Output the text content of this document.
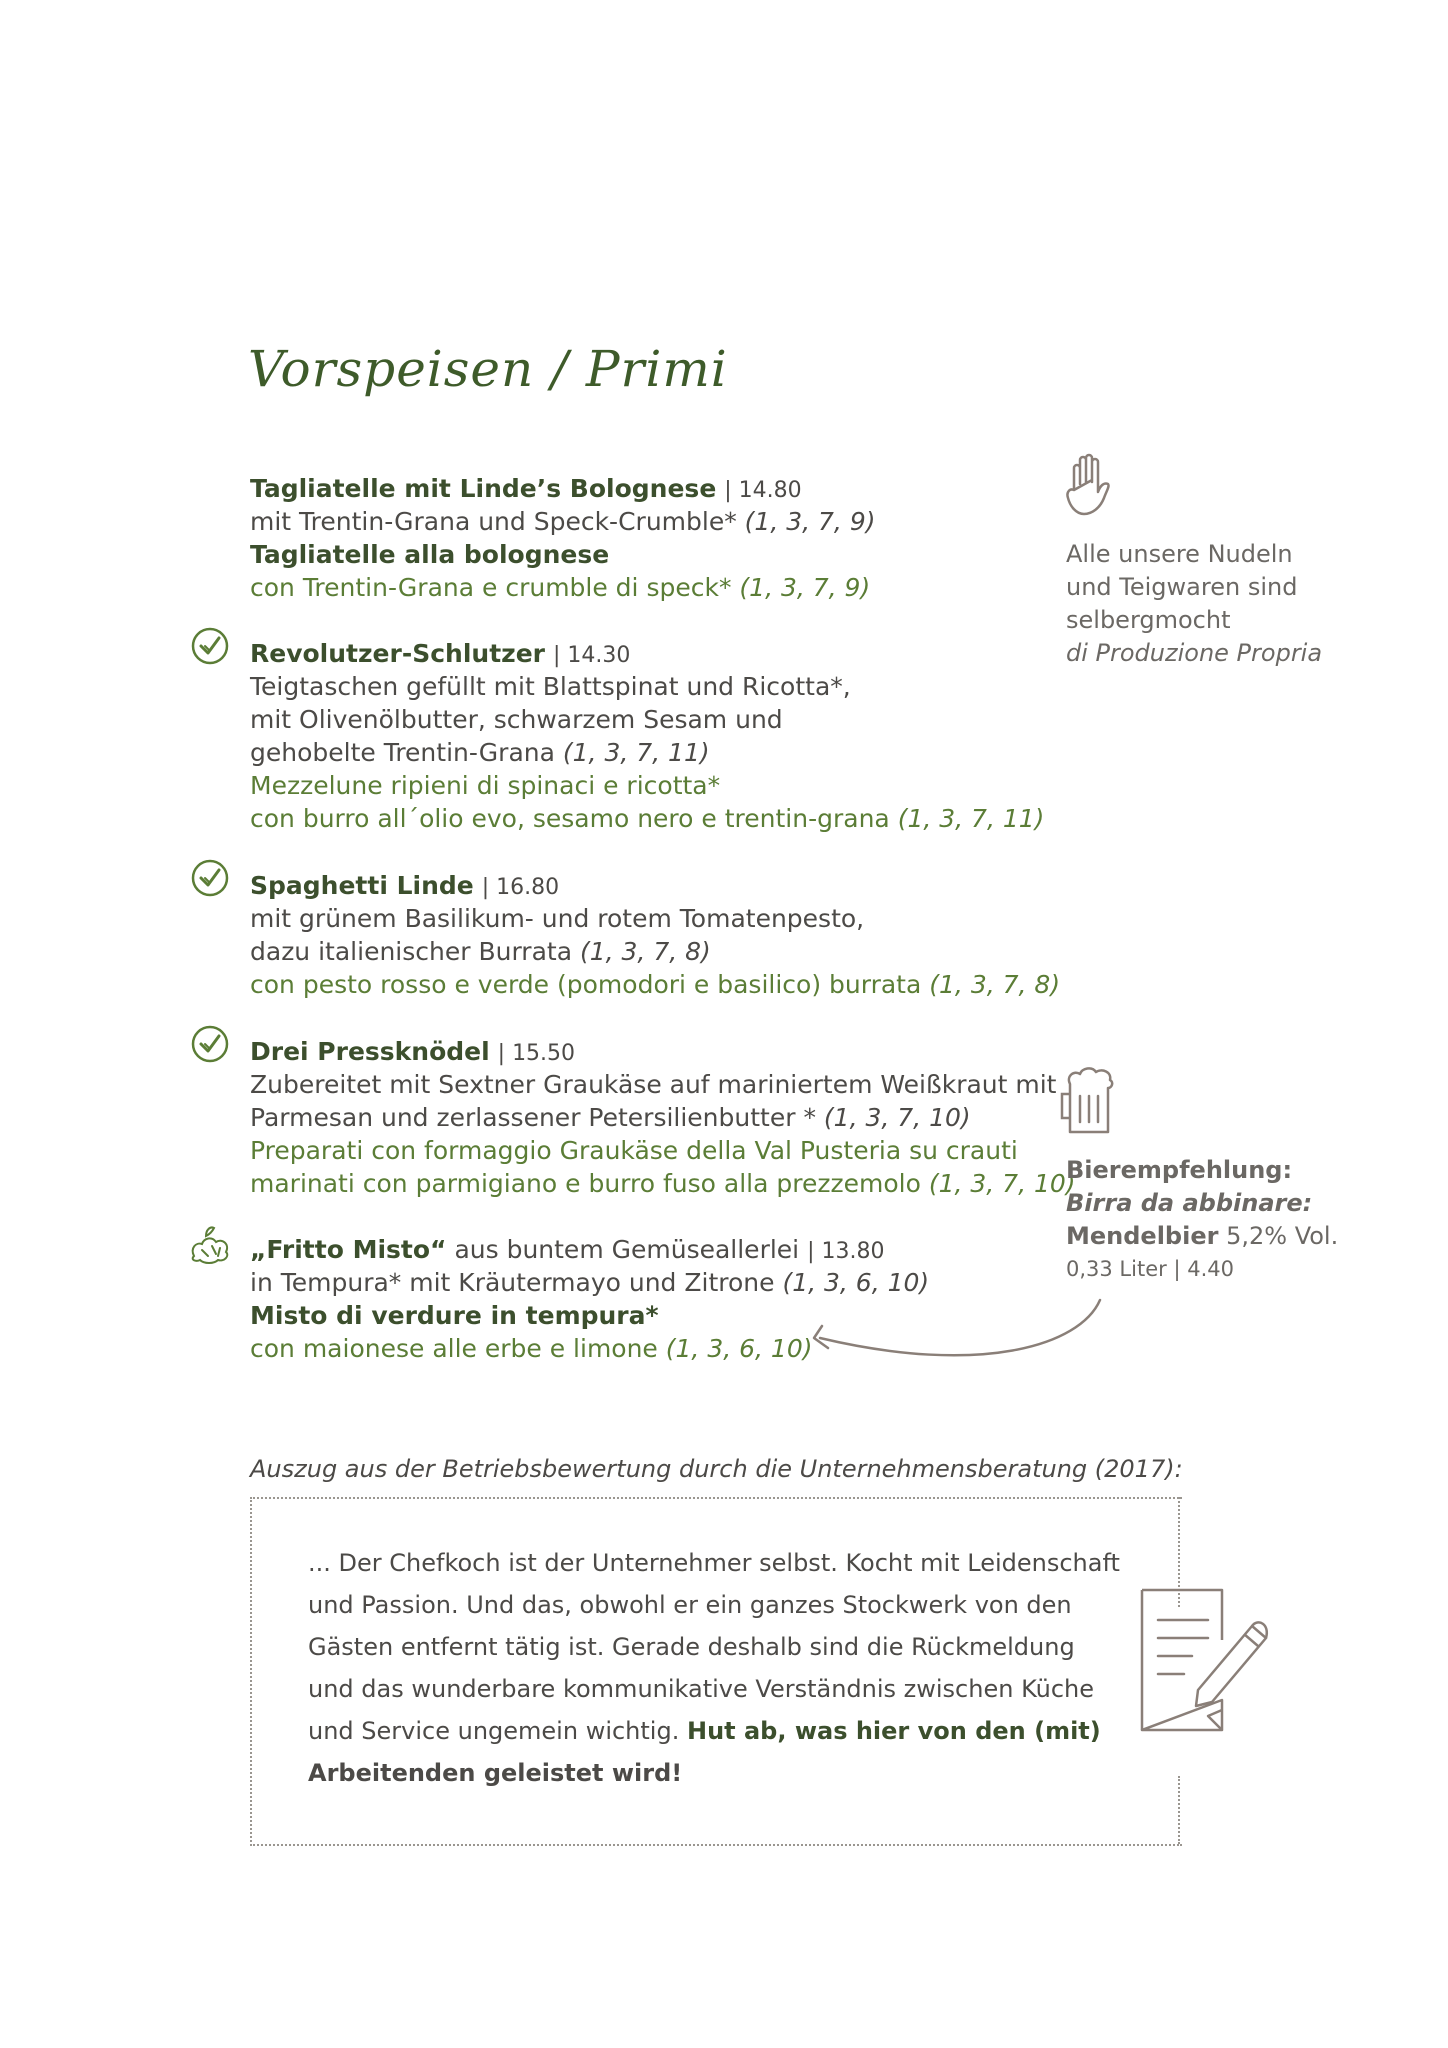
Vorspeisen / Primi
Tagliatelle mit Linde’s Bolognese | 14.80
mit Trentin-Grana und Speck-Crumble* (1, 3, 7, 9)
Tagliatelle alla bolognese
con Trentin-Grana e crumble di speck* (1, 3, 7, 9)
Revolutzer-Schlutzer | 14.30
Teigtaschen gefüllt mit Blattspinat und Ricotta*,
mit Olivenölbutter, schwarzem Sesam und
gehobelte Trentin-Grana (1, 3, 7, 11)
Mezzelune ripieni di spinaci e ricotta*
con burro all´olio evo, sesamo nero e trentin-grana (1, 3, 7, 11)
Spaghetti Linde | 16.80
mit grünem Basilikum- und rotem Tomatenpesto,
dazu italienischer Burrata (1, 3, 7, 8)
con pesto rosso e verde (pomodori e basilico) burrata (1, 3, 7, 8)
Drei Pressknödel | 15.50
Zubereitet mit Sextner Graukäse auf mariniertem Weißkraut mit
Parmesan und zerlassener Petersilienbutter * (1, 3, 7, 10)
Preparati con formaggio Graukäse della Val Pusteria su crauti
marinati con parmigiano e burro fuso alla prezzemolo (1, 3, 7, 10)
„Fritto Misto“ aus buntem Gemüseallerlei | 13.80
in Tempura* mit Kräutermayo und Zitrone (1, 3, 6, 10)
Misto di verdure in tempura*
con maionese alle erbe e limone (1, 3, 6, 10)
Alle unsere Nudeln
und Teigwaren sind
selbergmocht
di Produzione Propria
Bierempfehlung:
Birra da abbinare:
Mendelbier 5,2% Vol.
0,33 Liter | 4.40
Auszug aus der Betriebsbewertung durch die Unternehmensberatung (2017):
... Der Chefkoch ist der Unternehmer selbst. Kocht mit Leidenschaft
und Passion. Und das, obwohl er ein ganzes Stockwerk von den
Gästen entfernt tätig ist. Gerade deshalb sind die Rückmeldung
und das wunderbare kommunikative Verständnis zwischen Küche
und Service ungemein wichtig. Hut ab, was hier von den (mit)
Arbeitenden geleistet wird!
